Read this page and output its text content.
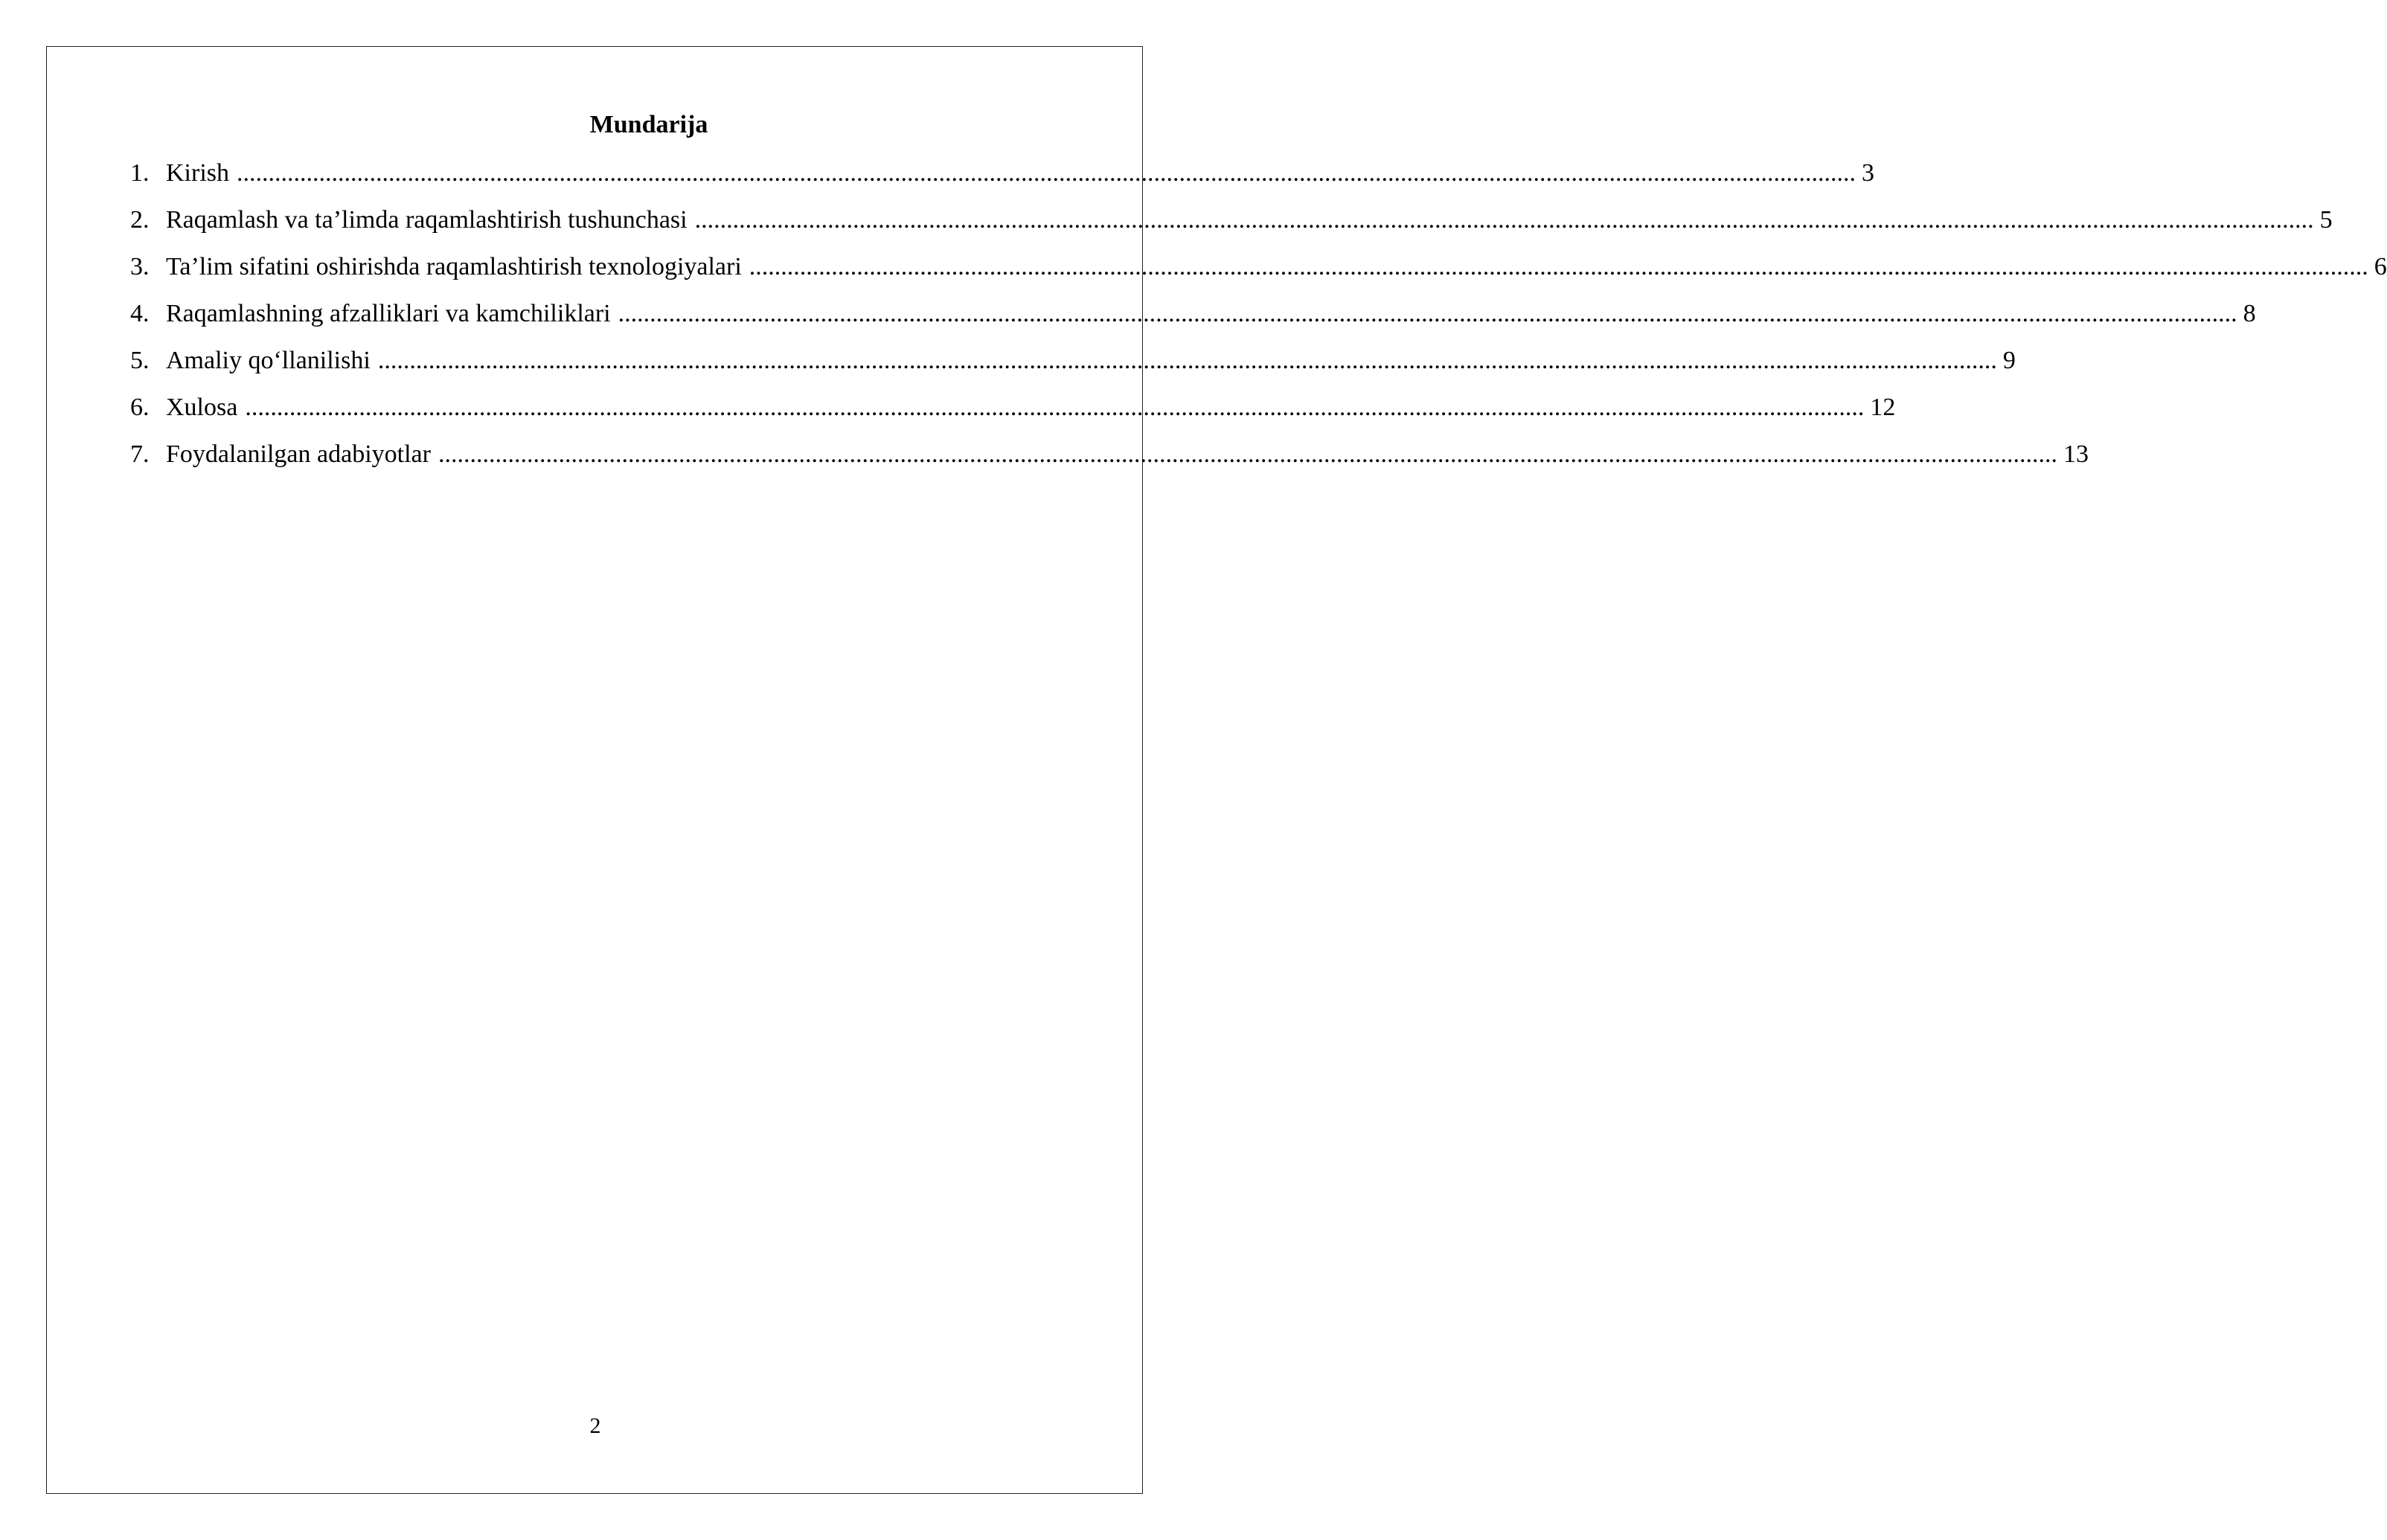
Mundarija
1. Kirish ................................................................................................................................................................................................................................................................ 3
2. Raqamlash va ta’limda raqamlashtirish tushunchasi ................................................................................................................................................................................................................................................................ 5
3. Ta’lim sifatini oshirishda raqamlashtirish texnologiyalari ................................................................................................................................................................................................................................................................ 6
4. Raqamlashning afzalliklari va kamchiliklari ................................................................................................................................................................................................................................................................ 8
5. Amaliy qo‘llanilishi ................................................................................................................................................................................................................................................................ 9
6. Xulosa ................................................................................................................................................................................................................................................................ 12
7. Foydalanilgan adabiyotlar ................................................................................................................................................................................................................................................................ 13
2
